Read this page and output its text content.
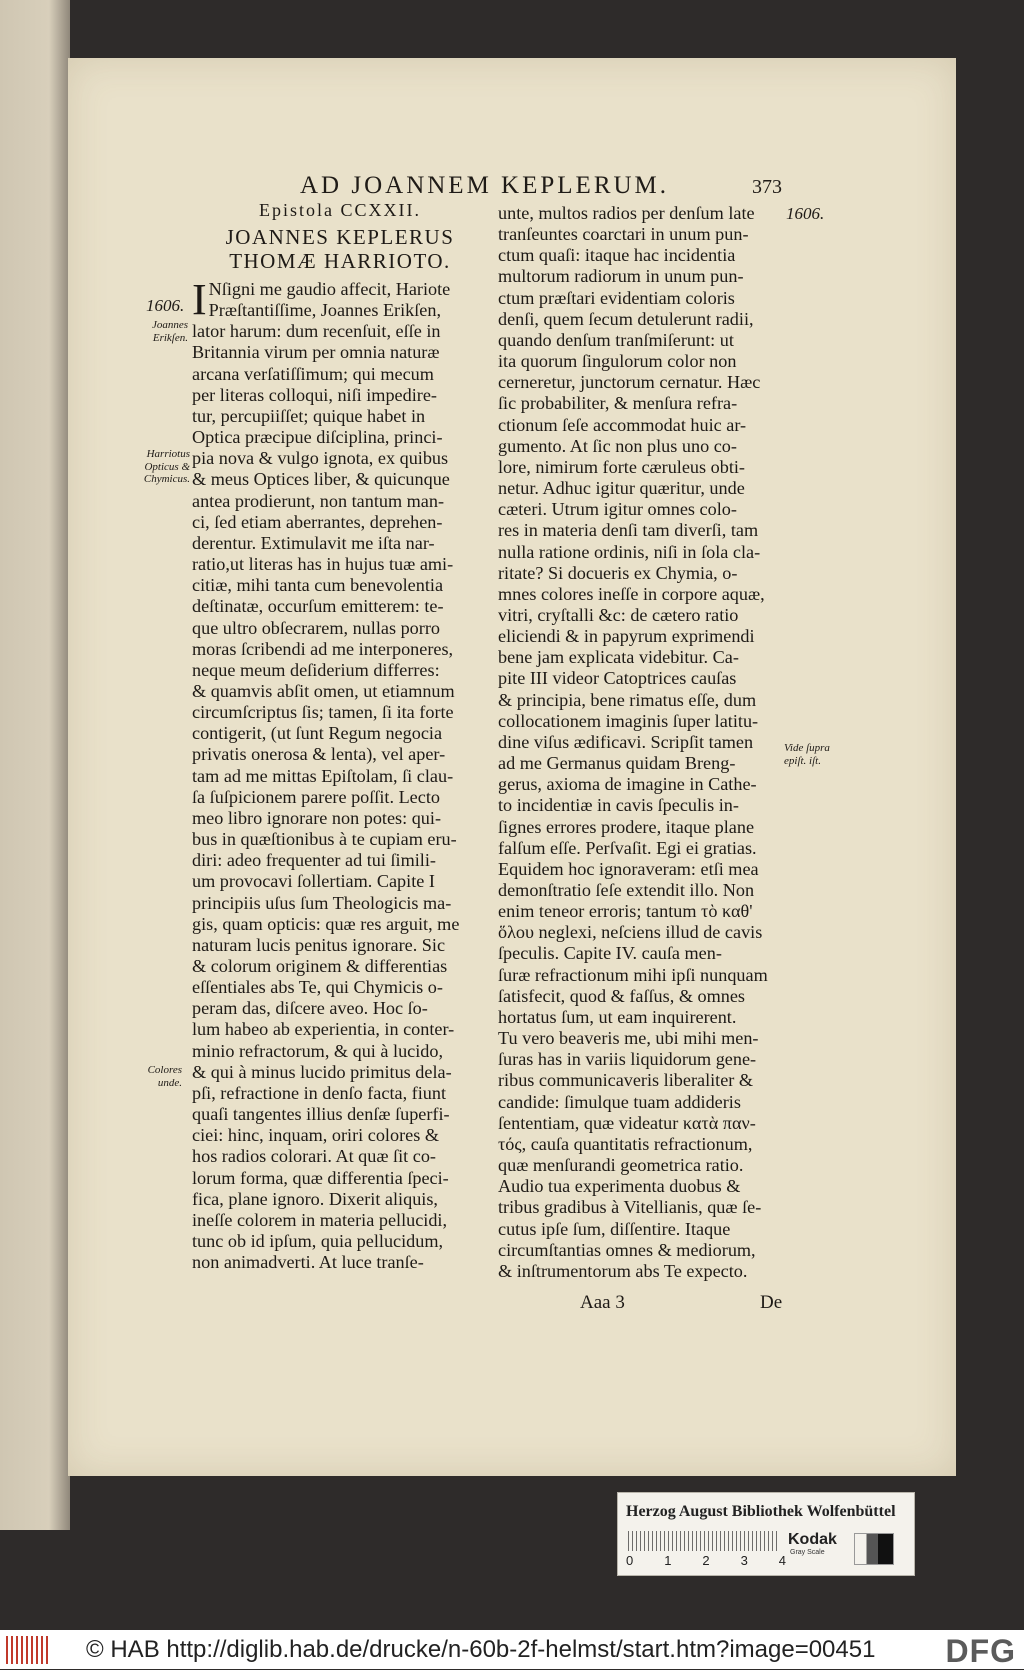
AD JOANNEM KEPLERUM.	373
Epistola CCXXII.
JOANNES KEPLERUS
THOMÆ HARRIOTO.
1606.
1606.
Joannes Erikſen.
Harriotus Opticus & Chymicus.
Colores unde.
Vide ſupra epiſt. iſt.
I Nſigni me gaudio affecit, Hariote

Præſtantiſſime, Joannes Erikſen,

lator harum: dum recenſuit, eſſe in

Britannia virum per omnia naturæ

arcana verſatiſſimum; qui mecum

per literas colloqui, niſi impedire-

tur, percupiiſſet; quique habet in

Optica præcipue diſciplina, princi-

pia nova & vulgo ignota, ex quibus

& meus Optices liber, & quicunque

antea prodierunt, non tantum man-

ci, ſed etiam aberrantes, deprehen-

derentur. Extimulavit me iſta nar-

ratio,ut literas has in hujus tuæ ami-

citiæ, mihi tanta cum benevolentia

deſtinatæ, occurſum emitterem: te-

que ultro obſecrarem, nullas porro

moras ſcribendi ad me interponeres,

neque meum deſiderium differres:

& quamvis abſit omen, ut etiamnum

circumſcriptus ſis; tamen, ſi ita forte

contigerit, (ut ſunt Regum negocia

privatis onerosa & lenta), vel aper-

tam ad me mittas Epiſtolam, ſi clau-

ſa ſuſpicionem parere poſſit. Lecto

meo libro ignorare non potes: qui-

bus in quæſtionibus à te cupiam eru-

diri: adeo frequenter ad tui ſimili-

um provocavi ſollertiam. Capite I

principiis uſus ſum Theologicis ma-

gis, quam opticis: quæ res arguit, me

naturam lucis penitus ignorare. Sic

& colorum originem & differentias

eſſentiales abs Te, qui Chymicis o-

peram das, diſcere aveo. Hoc ſo-

lum habeo ab experientia, in conter-

minio refractorum, & qui à lucido,

& qui à minus lucido primitus dela-

pſi, refractione in denſo facta, fiunt

quaſi tangentes illius denſæ ſuperfi-

ciei: hinc, inquam, oriri colores &

hos radios colorari. At quæ ſit co-

lorum forma, quæ differentia ſpeci-

fica, plane ignoro. Dixerit aliquis,

ineſſe colorem in materia pellucidi,

tunc ob id ipſum, quia pellucidum,

non animadverti. At luce tranſe-

unte, multos radios per denſum late

tranſeuntes coarctari in unum pun-

ctum quaſi: itaque hac incidentia

multorum radiorum in unum pun-

ctum præſtari evidentiam coloris

denſi, quem ſecum detulerunt radii,

quando denſum tranſmiſerunt: ut

ita quorum ſingulorum color non

cerneretur, junctorum cernatur. Hæc

ſic probabiliter, & menſura refra-

ctionum ſeſe accommodat huic ar-

gumento. At ſic non plus uno co-

lore, nimirum forte cæruleus obti-

netur. Adhuc igitur quæritur, unde

cæteri. Utrum igitur omnes colo-

res in materia denſi tam diverſi, tam

nulla ratione ordinis, niſi in ſola cla-

ritate? Si docueris ex Chymia, o-

mnes colores ineſſe in corpore aquæ,

vitri, cryſtalli &c: de cætero ratio

eliciendi & in papyrum exprimendi

bene jam explicata videbitur. Ca-

pite III videor Catoptrices cauſas

& principia, bene rimatus eſſe, dum

collocationem imaginis ſuper latitu-

dine viſus ædificavi. Scripſit tamen

ad me Germanus quidam Breng-

gerus, axioma de imagine in Cathe-

to incidentiæ in cavis ſpeculis in-

ſignes errores prodere, itaque plane

falſum eſſe. Perſvaſit. Egi ei gratias.

Equidem hoc ignoraveram: etſi mea

demonſtratio ſeſe extendit illo. Non

enim teneor erroris; tantum τὸ καθ'

ὅλου neglexi, neſciens illud de cavis

ſpeculis. Capite IV. cauſa men-

ſuræ refractionum mihi ipſi nunquam

ſatisfecit, quod & faſſus, & omnes

hortatus ſum, ut eam inquirerent.

Tu vero beaveris me, ubi mihi men-

ſuras has in variis liquidorum gene-

ribus communicaveris liberaliter &

candide: ſimulque tuam addideris

ſententiam, quæ videatur κατὰ παν-

τός, cauſa quantitatis refractionum,

quæ menſurandi geometrica ratio.

Audio tua experimenta duobus &

tribus gradibus à Vitellianis, quæ ſe-

cutus ipſe ſum, diſſentire. Itaque

circumſtantias omnes & mediorum,

& inſtrumentorum abs Te expecto.

Aaa 3	De
Herzog August Bibliothek Wolfenbüttel
0 1 2 3 4
Kodak
Gray Scale
© HAB http://diglib.hab.de/drucke/n-60b-2f-helmst/start.htm?image=00451 DFG
